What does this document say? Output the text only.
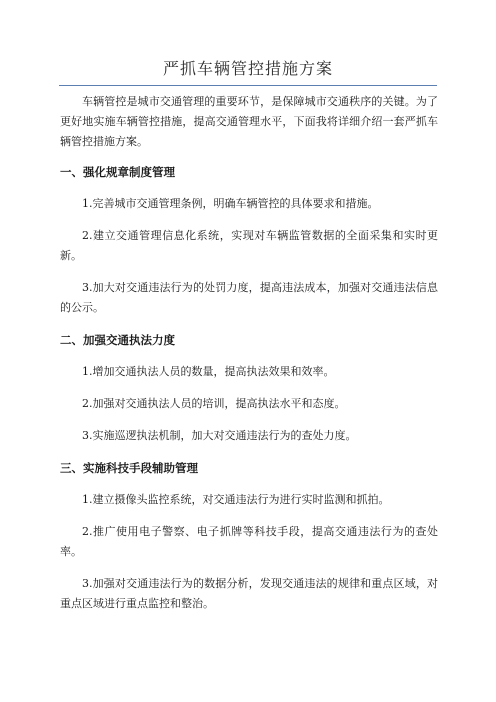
严抓车辆管控措施方案

车辆管控是城市交通管理的重要环节，是保障城市交通秩序的关键。为了更好地实施车辆管控措施，提高交通管理水平，下面我将详细介绍一套严抓车辆管控措施方案。

一、强化规章制度管理

1.完善城市交通管理条例，明确车辆管控的具体要求和措施。

2.建立交通管理信息化系统，实现对车辆监管数据的全面采集和实时更新。

3.加大对交通违法行为的处罚力度，提高违法成本，加强对交通违法信息的公示。

二、加强交通执法力度

1.增加交通执法人员的数量，提高执法效果和效率。

2.加强对交通执法人员的培训，提高执法水平和态度。

3.实施巡逻执法机制，加大对交通违法行为的查处力度。

三、实施科技手段辅助管理

1.建立摄像头监控系统，对交通违法行为进行实时监测和抓拍。

2.推广使用电子警察、电子抓牌等科技手段，提高交通违法行为的查处率。

3.加强对交通违法行为的数据分析，发现交通违法的规律和重点区域，对重点区域进行重点监控和整治。
